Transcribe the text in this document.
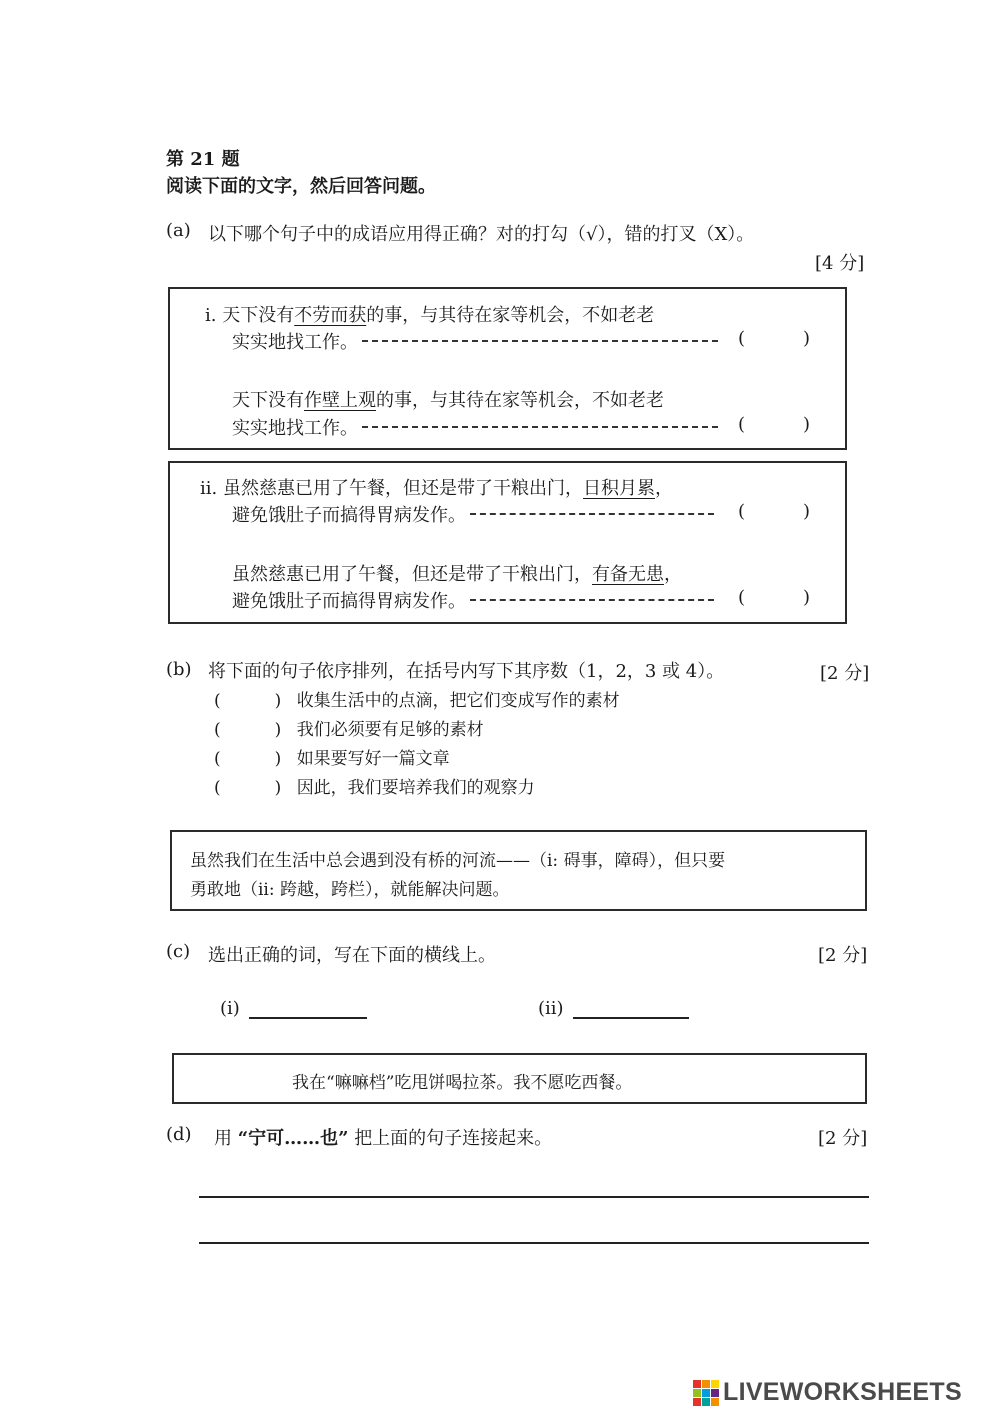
第 21 题
阅读下面的文字，然后回答问题。
(a) 以下哪个句子中的成语应用得正确？对的打勾（√），错的打叉（X）。
[4 分]
i. 天下没有不劳而获的事，与其待在家等机会，不如老老
实实地找工作。	(	)
天下没有作壁上观的事，与其待在家等机会，不如老老
实实地找工作。	(	)
ii. 虽然慈惠已用了午餐，但还是带了干粮出门，日积月累，
避免饿肚子而搞得胃病发作。	(	)
虽然慈惠已用了午餐，但还是带了干粮出门，有备无患，
避免饿肚子而搞得胃病发作。	(	)
(b) 将下面的句子依序排列，在括号内写下其序数（1，2，3 或 4）。	[2 分]
(	) 收集生活中的点滴，把它们变成写作的素材
(	) 我们必须要有足够的素材
(	) 如果要写好一篇文章
(	) 因此，我们要培养我们的观察力
虽然我们在生活中总会遇到没有桥的河流——（i: 碍事，障碍），但只要
勇敢地（ii: 跨越，跨栏），就能解决问题。
(c) 选出正确的词，写在下面的横线上。	[2 分]
(i)	(ii)
我在“嘛嘛档”吃甩饼喝拉茶。我不愿吃西餐。
(d) 用 “宁可……也” 把上面的句子连接起来。	[2 分]
LIVEWORKSHEETS
